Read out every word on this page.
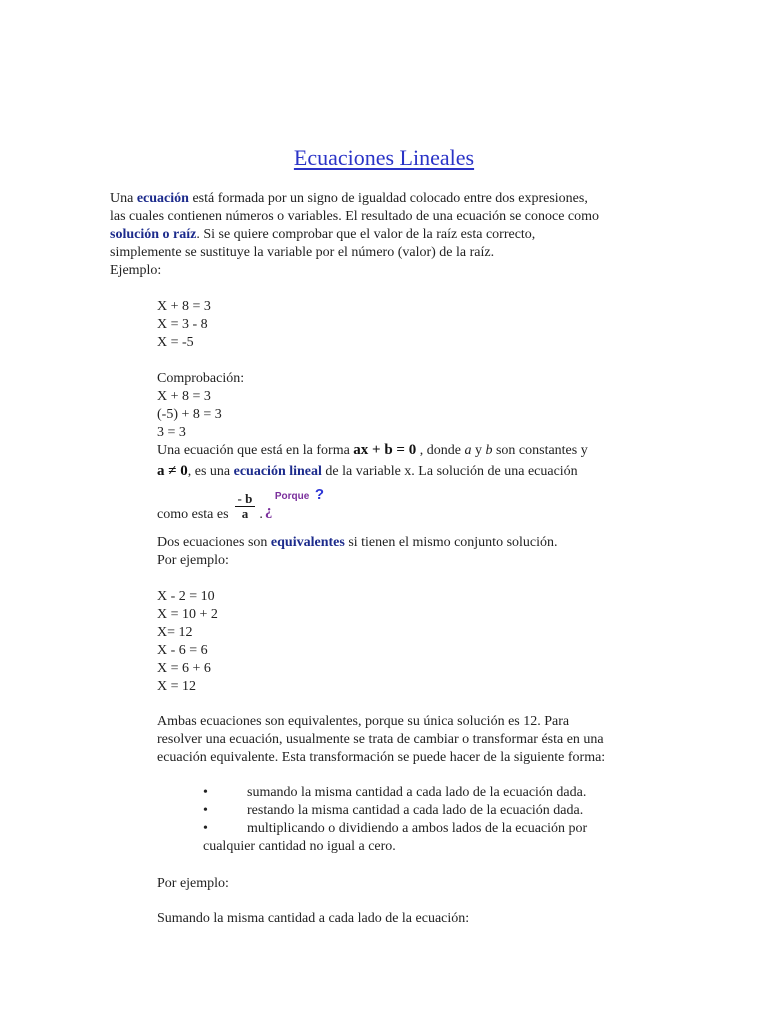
Ecuaciones Lineales
Una ecuación está formada por un signo de igualdad colocado entre dos expresiones,
las cuales contienen números o variables. El resultado de una ecuación se conoce como
solución o raíz. Si se quiere comprobar que el valor de la raíz esta correcto,
simplemente se sustituye la variable por el número (valor) de la raíz.
Ejemplo:
X + 8 = 3
X = 3 - 8
X = -5
Comprobación:
X + 8 = 3
(-5) + 8 = 3
3 = 3
Una ecuación que está en la forma ax + b = 0 , donde a y b son constantes y
a ≠ 0, es una ecuación lineal de la variable x. La solución de una ecuación
como esta es $\frac{- b}{a}$ . ¿
Porque ?
Dos ecuaciones son equivalentes si tienen el mismo conjunto solución.
Por ejemplo:
X - 2 = 10
X = 10 + 2
X= 12
X - 6 = 6
X = 6 + 6
X = 12
Ambas ecuaciones son equivalentes, porque su única solución es 12. Para
resolver una ecuación, usualmente se trata de cambiar o transformar ésta en una
ecuación equivalente. Esta transformación se puede hacer de la siguiente forma:
•	sumando la misma cantidad a cada lado de la ecuación dada.
•	restando la misma cantidad a cada lado de la ecuación dada.
•	multiplicando o dividiendo a ambos lados de la ecuación por
cualquier cantidad no igual a cero.
Por ejemplo:
Sumando la misma cantidad a cada lado de la ecuación:
